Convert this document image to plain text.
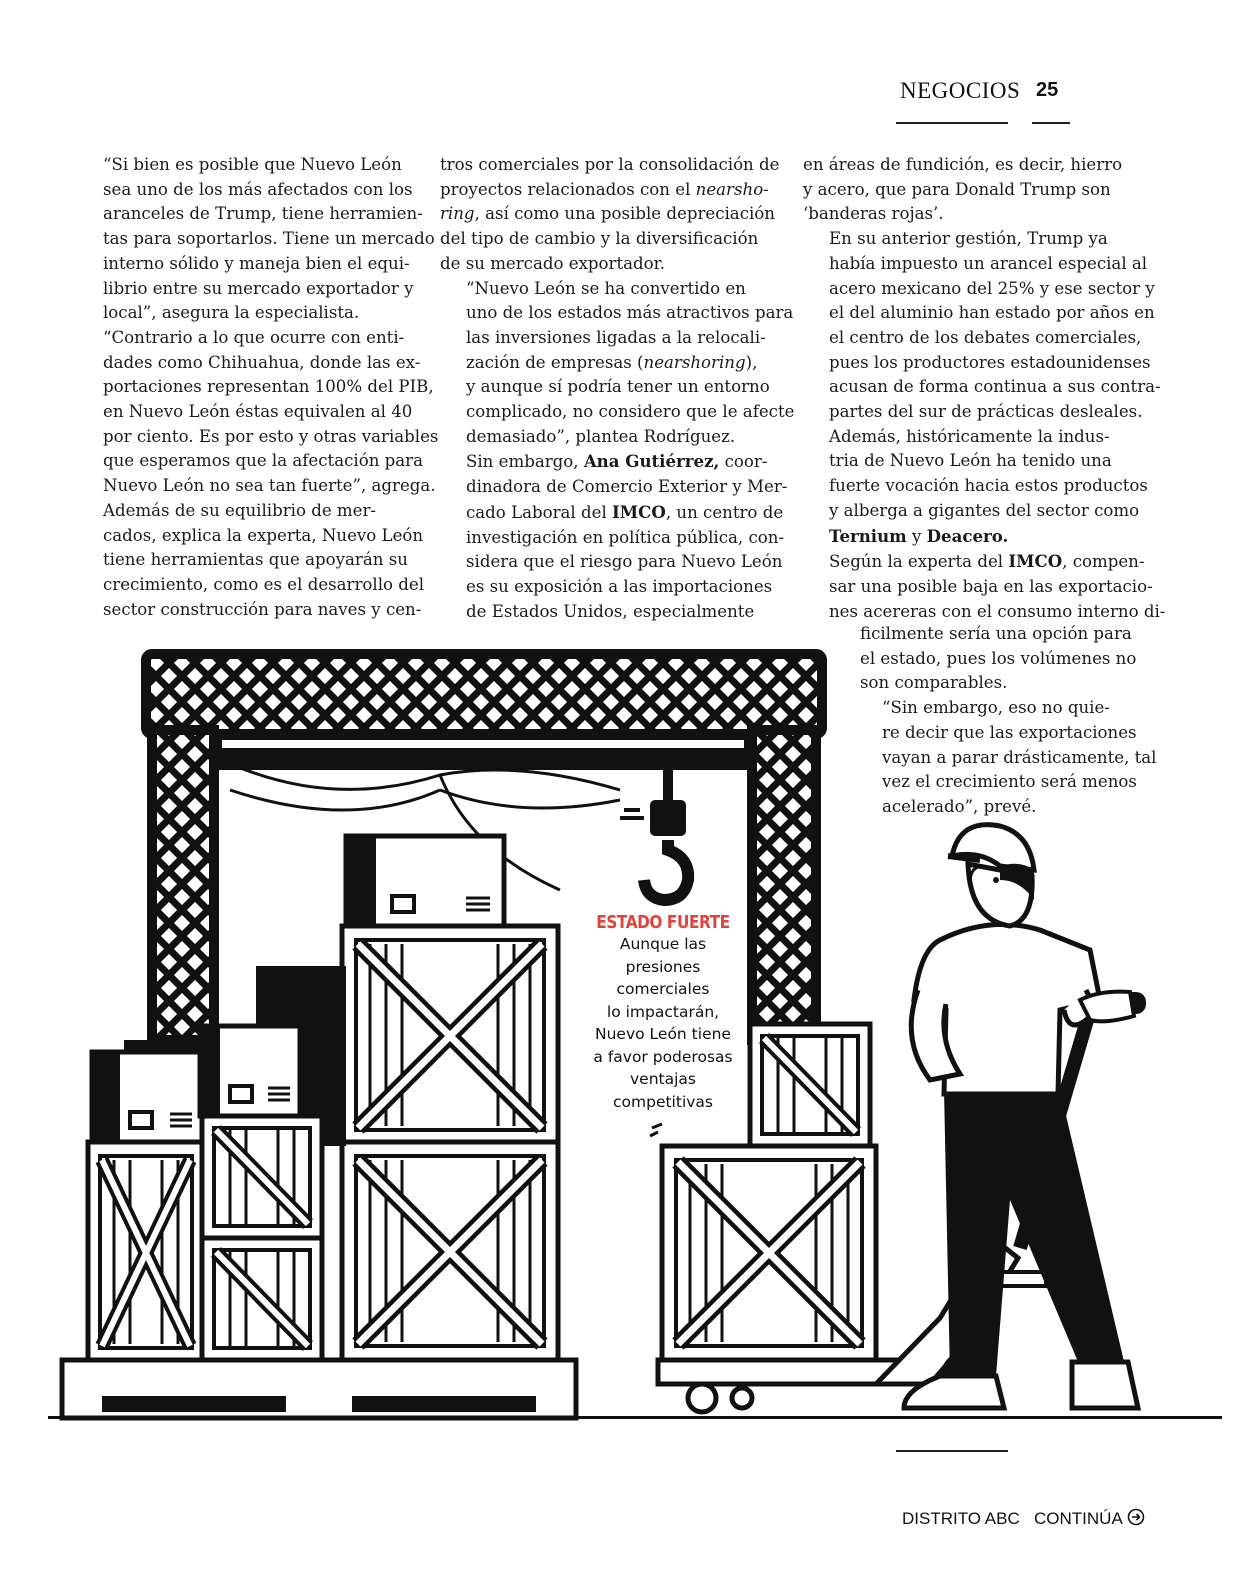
NEGOCIOS 25

“Si bien es posible que Nuevo León
sea uno de los más afectados con los
aranceles de Trump, tiene herramien-
tas para soportarlos. Tiene un mercado
interno sólido y maneja bien el equi-
librio entre su mercado exportador y
local”, asegura la especialista.

“Contrario a lo que ocurre con enti-
dades como Chihuahua, donde las ex-
portaciones representan 100% del PIB,
en Nuevo León éstas equivalen al 40
por ciento. Es por esto y otras variables
que esperamos que la afectación para
Nuevo León no sea tan fuerte”, agrega.

Además de su equilibrio de mer-
cados, explica la experta, Nuevo León
tiene herramientas que apoyarán su
crecimiento, como es el desarrollo del
sector construcción para naves y cen-

tros comerciales por la consolidación de
proyectos relacionados con el nearsho-
ring, así como una posible depreciación
del tipo de cambio y la diversificación
de su mercado exportador.

“Nuevo León se ha convertido en
uno de los estados más atractivos para
las inversiones ligadas a la relocali-
zación de empresas (nearshoring),
y aunque sí podría tener un entorno
complicado, no considero que le afecte
demasiado”, plantea Rodríguez.

Sin embargo, Ana Gutiérrez, coor-
dinadora de Comercio Exterior y Mer-
cado Laboral del IMCO, un centro de
investigación en política pública, con-
sidera que el riesgo para Nuevo León
es su exposición a las importaciones
de Estados Unidos, especialmente

en áreas de fundición, es decir, hierro
y acero, que para Donald Trump son
‘banderas rojas’.

En su anterior gestión, Trump ya
había impuesto un arancel especial al
acero mexicano del 25% y ese sector y
el del aluminio han estado por años en
el centro de los debates comerciales,
pues los productores estadounidenses
acusan de forma continua a sus contra-
partes del sur de prácticas desleales.

Además, históricamente la indus-
tria de Nuevo León ha tenido una
fuerte vocación hacia estos productos
y alberga a gigantes del sector como
Ternium y Deacero.

Según la experta del IMCO, compen-
sar una posible baja en las exportacio-
nes acereras con el consumo interno di-

ficilmente sería una opción para
el estado, pues los volúmenes no
son comparables.

“Sin embargo, eso no quie-
re decir que las exportaciones
vayan a parar drásticamente, tal
vez el crecimiento será menos
acelerado”, prevé.

ESTADO FUERTE
Aunque las
presiones
comerciales
lo impactarán,
Nuevo León tiene
a favor poderosas
ventajas
competitivas
DISTRITO ABC CONTINÚA
